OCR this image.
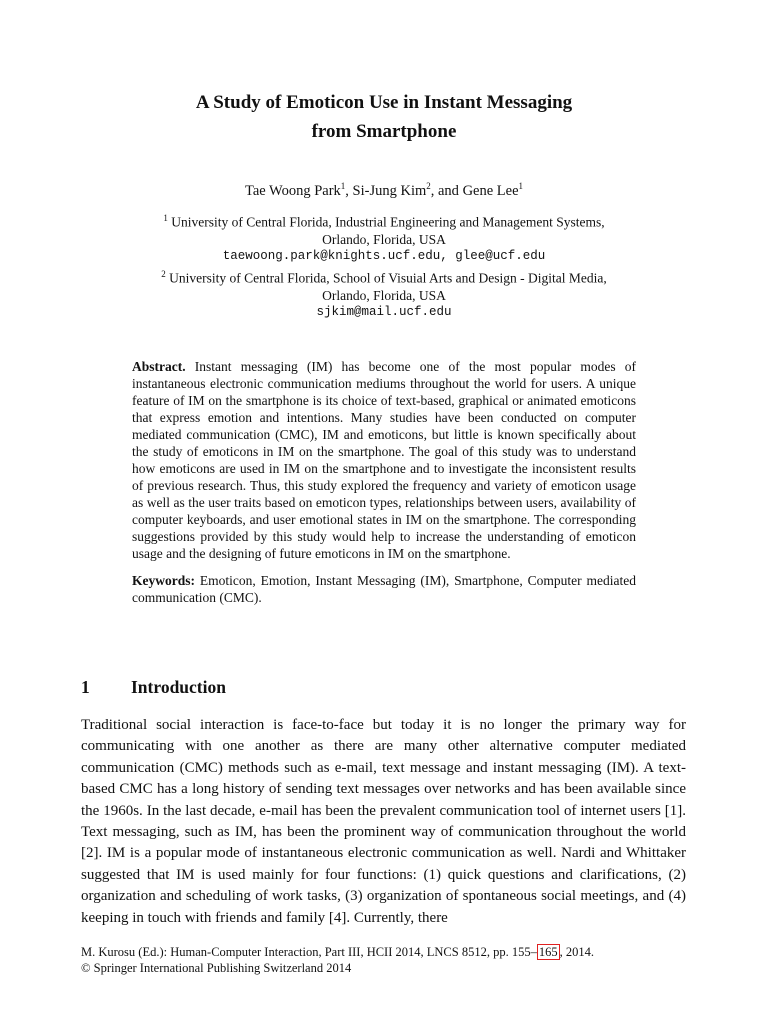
A Study of Emoticon Use in Instant Messaging
from Smartphone
Tae Woong Park$^1$, Si-Jung Kim$^2$, and Gene Lee$^1$
$^1$ University of Central Florida, Industrial Engineering and Management Systems,
Orlando, Florida, USA
taewoong.park@knights.ucf.edu, glee@ucf.edu
$^2$ University of Central Florida, School of Visuial Arts and Design - Digital Media,
Orlando, Florida, USA
sjkim@mail.ucf.edu

Abstract. Instant messaging (IM) has become one of the most popular modes of instantaneous electronic communication mediums throughout the world for users. A unique feature of IM on the smartphone is its choice of text-based, graphical or animated emoticons that express emotion and intentions. Many studies have been conducted on computer mediated communication (CMC), IM and emoticons, but little is known specifically about the study of emoticons in IM on the smartphone. The goal of this study was to understand how emoticons are used in IM on the smartphone and to investigate the inconsistent results of previous research. Thus, this study explored the frequency and variety of emoticon usage as well as the user traits based on emoticon types, relationships between users, availability of computer keyboards, and user emotional states in IM on the smartphone. The corresponding suggestions provided by this study would help to increase the understanding of emoticon usage and the designing of future emoticons in IM on the smartphone.

Keywords: Emoticon, Emotion, Instant Messaging (IM), Smartphone, Computer mediated communication (CMC).

1 Introduction

Traditional social interaction is face-to-face but today it is no longer the primary way for communicating with one another as there are many other alternative computer mediated communication (CMC) methods such as e-mail, text message and instant messaging (IM). A text-based CMC has a long history of sending text messages over networks and has been available since the 1960s. In the last decade, e-mail has been the prevalent communication tool of internet users [1]. Text messaging, such as IM, has been the prominent way of communication throughout the world [2]. IM is a popular mode of instantaneous electronic communication as well. Nardi and Whittaker suggested that IM is used mainly for four functions: (1) quick questions and clarifications, (2) organization and scheduling of work tasks, (3) organization of spontaneous social meetings, and (4) keeping in touch with friends and family [4]. Currently, there

M. Kurosu (Ed.): Human-Computer Interaction, Part III, HCII 2014, LNCS 8512, pp. 155– 165 , 2014.
© Springer International Publishing Switzerland 2014
